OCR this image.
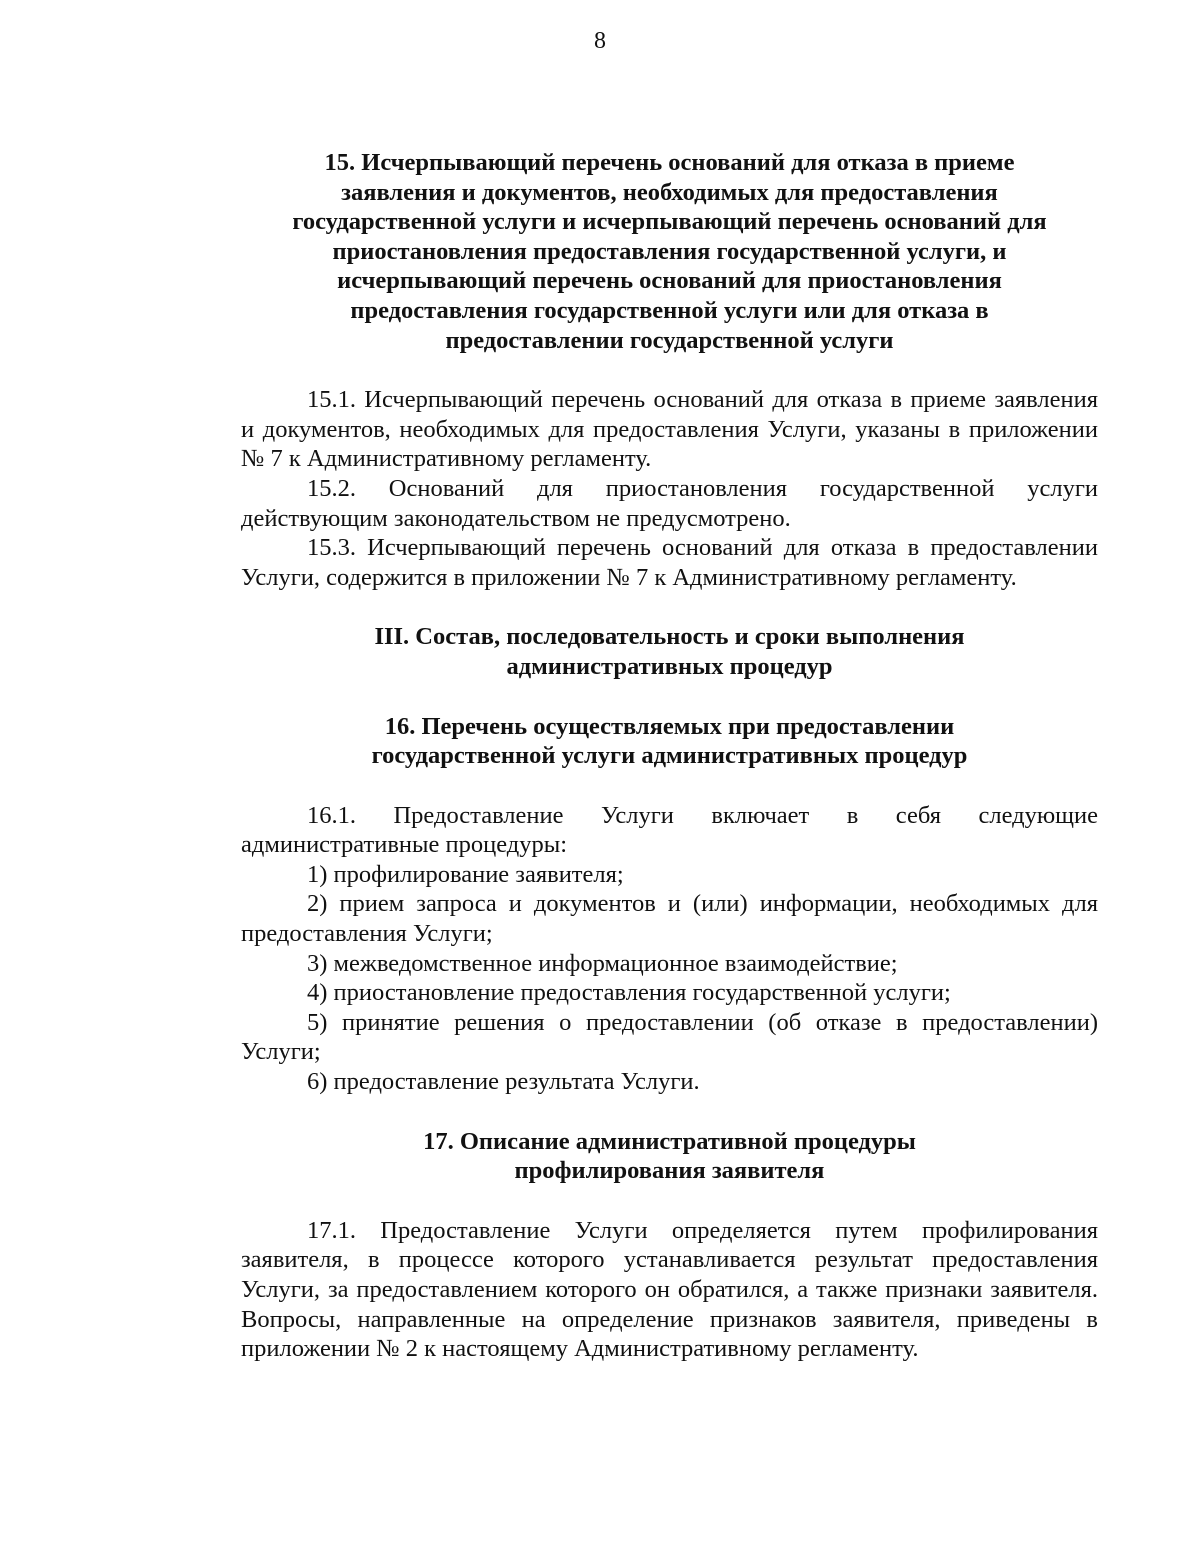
8
15. Исчерпывающий перечень оснований для отказа в приеме
заявления и документов, необходимых для предоставления
государственной услуги и исчерпывающий перечень оснований для
приостановления предоставления государственной услуги, и
исчерпывающий перечень оснований для приостановления
предоставления государственной услуги или для отказа в
предоставлении государственной услуги

15.1. Исчерпывающий перечень оснований для отказа в приеме заявления и документов, необходимых для предоставления Услуги, указаны в приложении № 7 к Административному регламенту.

15.2. Оснований для приостановления государственной услуги действующим законодательством не предусмотрено.

15.3. Исчерпывающий перечень оснований для отказа в предоставлении Услуги, содержится в приложении № 7 к Административному регламенту.

III. Состав, последовательность и сроки выполнения
административных процедур
16. Перечень осуществляемых при предоставлении
государственной услуги административных процедур

16.1. Предоставление Услуги включает в себя следующие административные процедуры:

1) профилирование заявителя;

2) прием запроса и документов и (или) информации, необходимых для предоставления Услуги;

3) межведомственное информационное взаимодействие;

4) приостановление предоставления государственной услуги;

5) принятие решения о предоставлении (об отказе в предоставлении) Услуги;

6) предоставление результата Услуги.

17. Описание административной процедуры
профилирования заявителя

17.1. Предоставление Услуги определяется путем профилирования заявителя, в процессе которого устанавливается результат предоставления Услуги, за предоставлением которого он обратился, а также признаки заявителя. Вопросы, направленные на определение признаков заявителя, приведены в приложении № 2 к настоящему Административному регламенту.
